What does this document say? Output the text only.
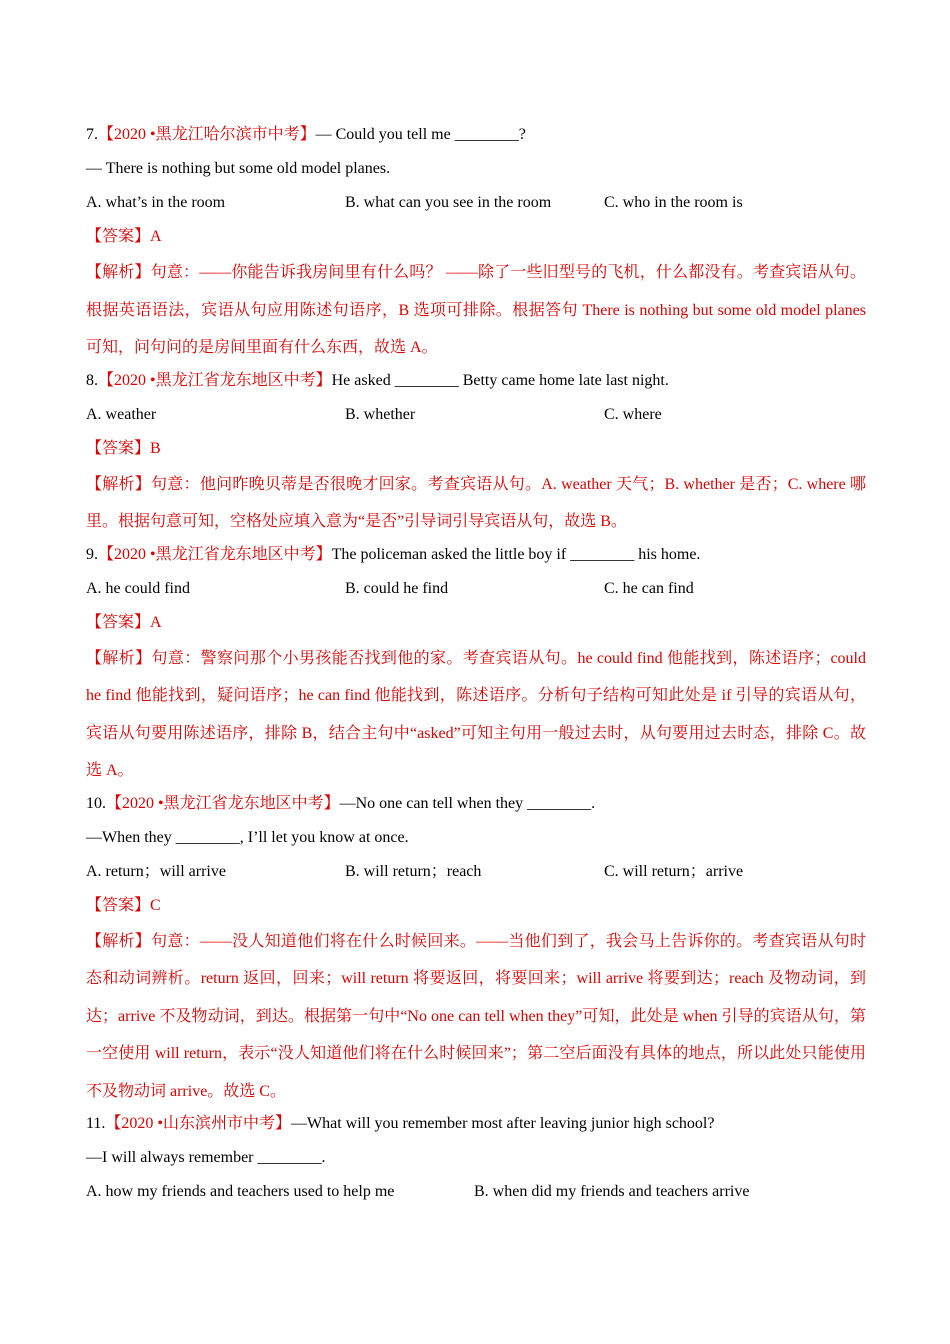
7.【2020 •黑龙江哈尔滨市中考】— Could you tell me ________?
— There is nothing but some old model planes.
A. what’s in the room	B. what can you see in the room	C. who in the room is
【答案】A
【解析】句意：——你能告诉我房间里有什么吗？ ——除了一些旧型号的飞机，什么都没有。考查宾语从句。根据英语语法，宾语从句应用陈述句语序，B 选项可排除。根据答句 There is nothing but some old model planes 可知，问句问的是房间里面有什么东西，故选 A。
8.【2020 •黑龙江省龙东地区中考】He asked ________ Betty came home late last night.
A. weather	B. whether	C. where
【答案】B
【解析】句意：他问昨晚贝蒂是否很晚才回家。考查宾语从句。A. weather 天气；B. whether 是否；C. where 哪里。根据句意可知，空格处应填入意为“是否”引导词引导宾语从句，故选 B。
9.【2020 •黑龙江省龙东地区中考】The policeman asked the little boy if ________ his home.
A. he could find	B. could he find	C. he can find
【答案】A
【解析】句意：警察问那个小男孩能否找到他的家。考查宾语从句。he could find 他能找到，陈述语序；could he find 他能找到，疑问语序；he can find 他能找到，陈述语序。分析句子结构可知此处是 if 引导的宾语从句，宾语从句要用陈述语序，排除 B，结合主句中“asked”可知主句用一般过去时，从句要用过去时态，排除 C。故选 A。
10.【2020 •黑龙江省龙东地区中考】—No one can tell when they ________.
—When they ________, I’ll let you know at once.
A. return；will arrive	B. will return；reach	C. will return；arrive
【答案】C
【解析】句意：——没人知道他们将在什么时候回来。——当他们到了，我会马上告诉你的。考查宾语从句时态和动词辨析。return 返回，回来；will return 将要返回，将要回来；will arrive 将要到达；reach 及物动词，到达；arrive 不及物动词，到达。根据第一句中“No one can tell when they”可知，此处是 when 引导的宾语从句，第一空使用 will return，表示“没人知道他们将在什么时候回来”；第二空后面没有具体的地点，所以此处只能使用不及物动词 arrive。故选 C。
11.【2020 •山东滨州市中考】—What will you remember most after leaving junior high school?
—I will always remember ________.
A. how my friends and teachers used to help me	B. when did my friends and teachers arrive
